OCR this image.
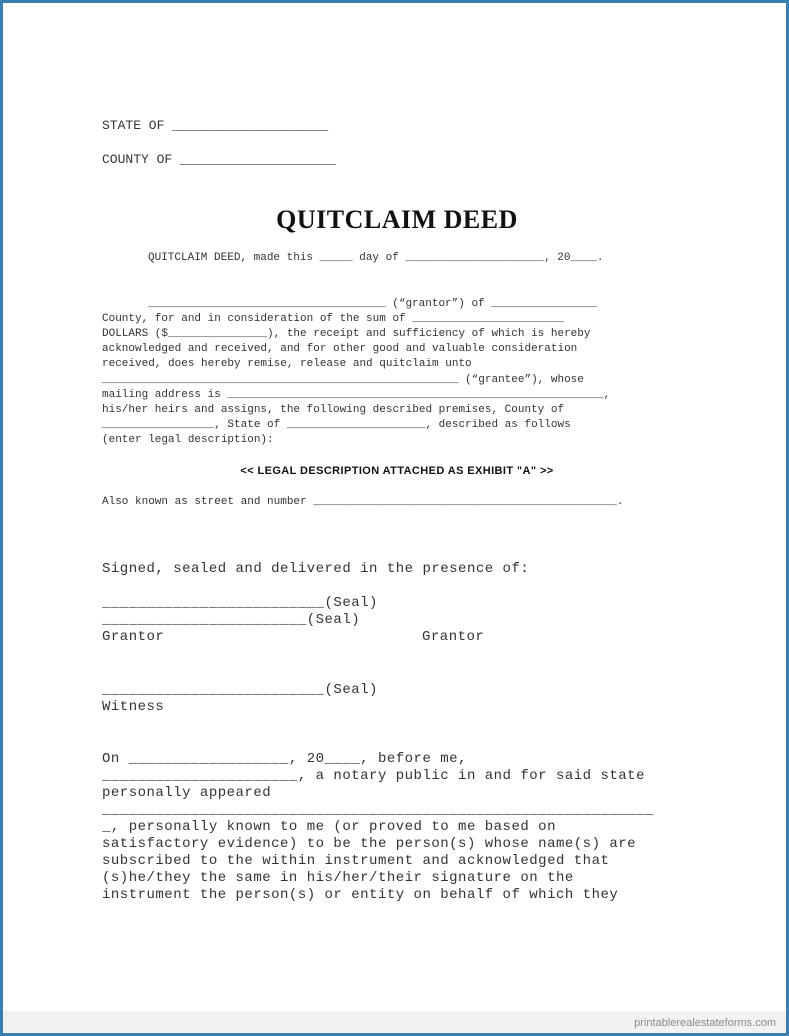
STATE OF ____________________
COUNTY OF ____________________
QUITCLAIM DEED
QUITCLAIM DEED, made this _____ day of _____________________, 20____.
____________________________________ (“grantor”) of ________________
County, for and in consideration of the sum of _______________________
DOLLARS ($_______________), the receipt and sufficiency of which is hereby
acknowledged and received, and for other good and valuable consideration
received, does hereby remise, release and quitclaim unto
______________________________________________________ (“grantee”), whose
mailing address is _________________________________________________________,
his/her heirs and assigns, the following described premises, County of
_________________, State of _____________________, described as follows
(enter legal description):
<< LEGAL DESCRIPTION ATTACHED AS EXHIBIT "A" >>
Also known as street and number ______________________________________________.
Signed, sealed and delivered in the presence of:
_________________________(Seal)
_______________________(Seal)
Grantor	Grantor
_________________________(Seal)
Witness
On __________________, 20____, before me,
______________________, a notary public in and for said state
personally appeared
______________________________________________________________
_, personally known to me (or proved to me based on
satisfactory evidence) to be the person(s) whose name(s) are
subscribed to the within instrument and acknowledged that
(s)he/they the same in his/her/their signature on the
instrument the person(s) or entity on behalf of which they
printablerealestateforms.com
